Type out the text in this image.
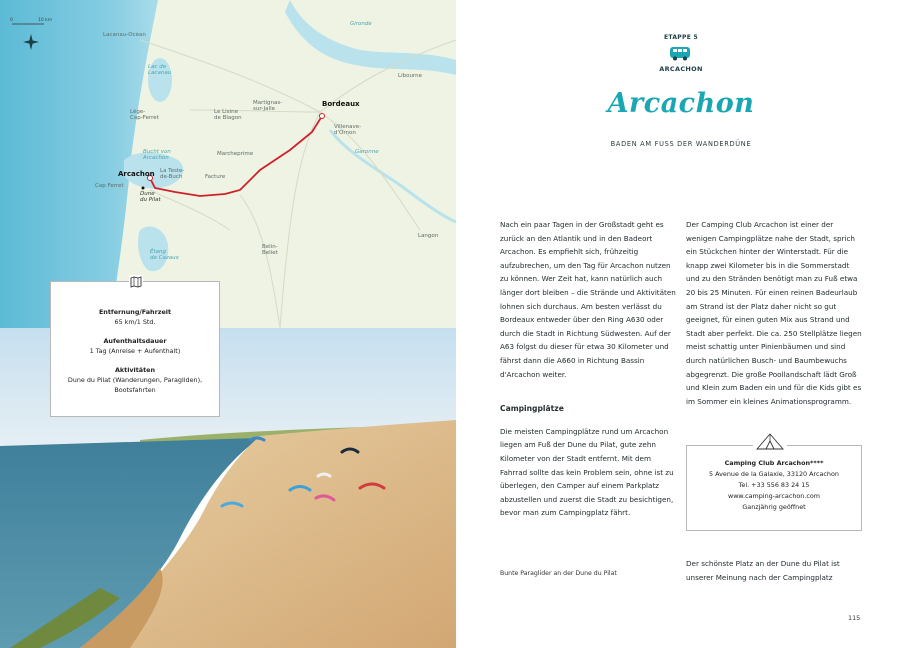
0	10 km
Lacanau-Océan
Lac de
Lacanau
Lège-
Cap-Ferret
Le Lisine
de Blagon
Martignas-
sur-Jalle
Bordeaux
Villenave-
d'Ornon
Libourne
Gironde
Garonne
Bucht von
Arcachon
Marcheprime
Arcachon La Teste-
de-Buch
Cap Ferret
Facture
Dune
du Pilat
Belin-
Beliet
Étang
de Cazaux
Langon
Entfernung/Fahrzeit
65 km/1 Std.
Aufenthaltsdauer
1 Tag (Anreise + Aufenthalt)
Aktivitäten
Dune du Pilat (Wanderungen, Paragliden), Bootsfahrten
ETAPPE 5
ARCACHON
Arcachon
BADEN AM FUSS DER WANDERDÜNE

Nach ein paar Tagen in der Großstadt geht es zurück an den Atlantik und in den Badeort Arcachon. Es empfiehlt sich, frühzeitig aufzubrechen, um den Tag für Arcachon nutzen zu können. Wer Zeit hat, kann natürlich auch länger dort bleiben – die Strände und Aktivitäten lohnen sich durchaus. Am besten verlässt du Bordeaux entweder über den Ring A630 oder durch die Stadt in Richtung Südwesten. Auf der A63 folgst du dieser für etwa 30 Kilometer und fährst dann die A660 in Richtung Bassin d'Arcachon weiter.

Campingplätze

Die meisten Campingplätze rund um Arcachon liegen am Fuß der Dune du Pilat, gute zehn Kilometer von der Stadt entfernt. Mit dem Fahrrad sollte das kein Problem sein, ohne ist zu überlegen, den Camper auf einem Parkplatz abzustellen und zuerst die Stadt zu besichtigen, bevor man zum Campingplatz fährt.

Der Camping Club Arcachon ist einer der wenigen Campingplätze nahe der Stadt, sprich ein Stückchen hinter der Winterstadt. Für die knapp zwei Kilometer bis in die Sommerstadt und zu den Stränden benötigt man zu Fuß etwa 20 bis 25 Minuten. Für einen reinen Badeurlaub am Strand ist der Platz daher nicht so gut geeignet, für einen guten Mix aus Strand und Stadt aber perfekt. Die ca. 250 Stellplätze liegen meist schattig unter Pinienbäumen und sind durch natürlichen Busch- und Baumbewuchs abgegrenzt. Die große Poollandschaft lädt Groß und Klein zum Baden ein und für die Kids gibt es im Sommer ein kleines Animationsprogramm.

Camping Club Arcachon****
5 Avenue de la Galaxie, 33120 Arcachon
Tel. +33 556 83 24 15
www.camping-arcachon.com
Ganzjährig geöffnet
Bunte Paraglider an der Dune du Pilat
Der schönste Platz an der Dune du Pilat ist unserer Meinung nach der Campingplatz
115
